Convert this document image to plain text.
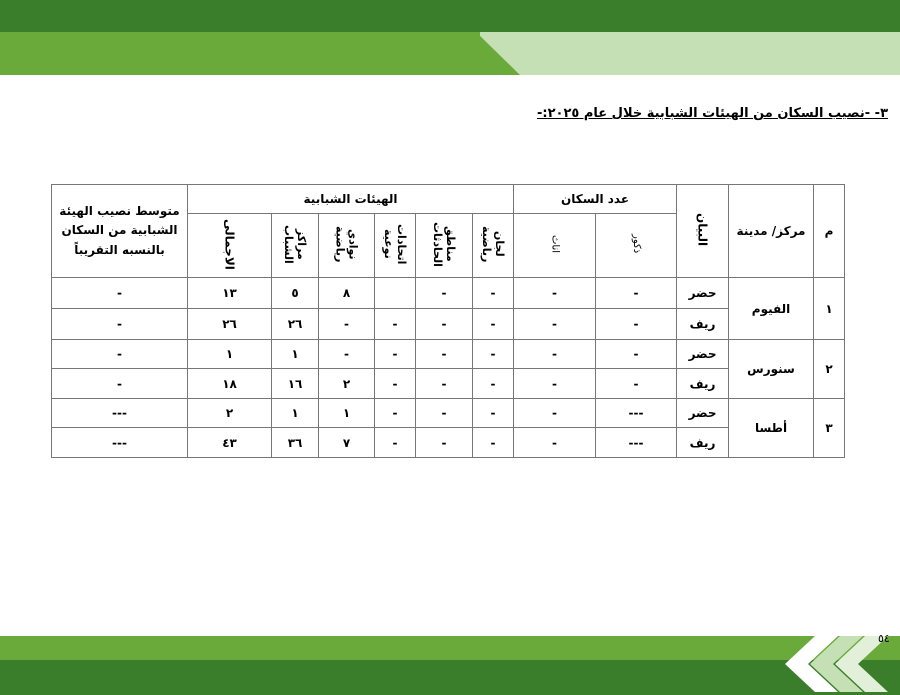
٣- -نصيب السكان من الهيئات الشبابية خلال عام ٢٠٢٥:-
م	مركز/ مدينة	البيان	عدد السكان		الهيئات الشبابية						متوسط نصيب الهيئة الشبابية من السكان بالنسبه التقريباً
			ذكور	اناث	لجان رياضية	مناطق الحادثات	اتحادات نوعية	نوادي رياضية	مراكز الشباب	الاجمالى	
١	الفيوم	حضر	-	-	-	-		٨	٥	١٣	-
		ريف	-	-	-	-	-	-	٢٦	٢٦	-
٢	سنورس	حضر	-	-	-	-	-	-	١	١	-
		ريف	-	-	-	-	-	٢	١٦	١٨	-
٣	أطسا	حضر	---	-	-	-	-	١	١	٢	---
		ريف	---	-	-	-	-	٧	٣٦	٤٣	---
٥٤
